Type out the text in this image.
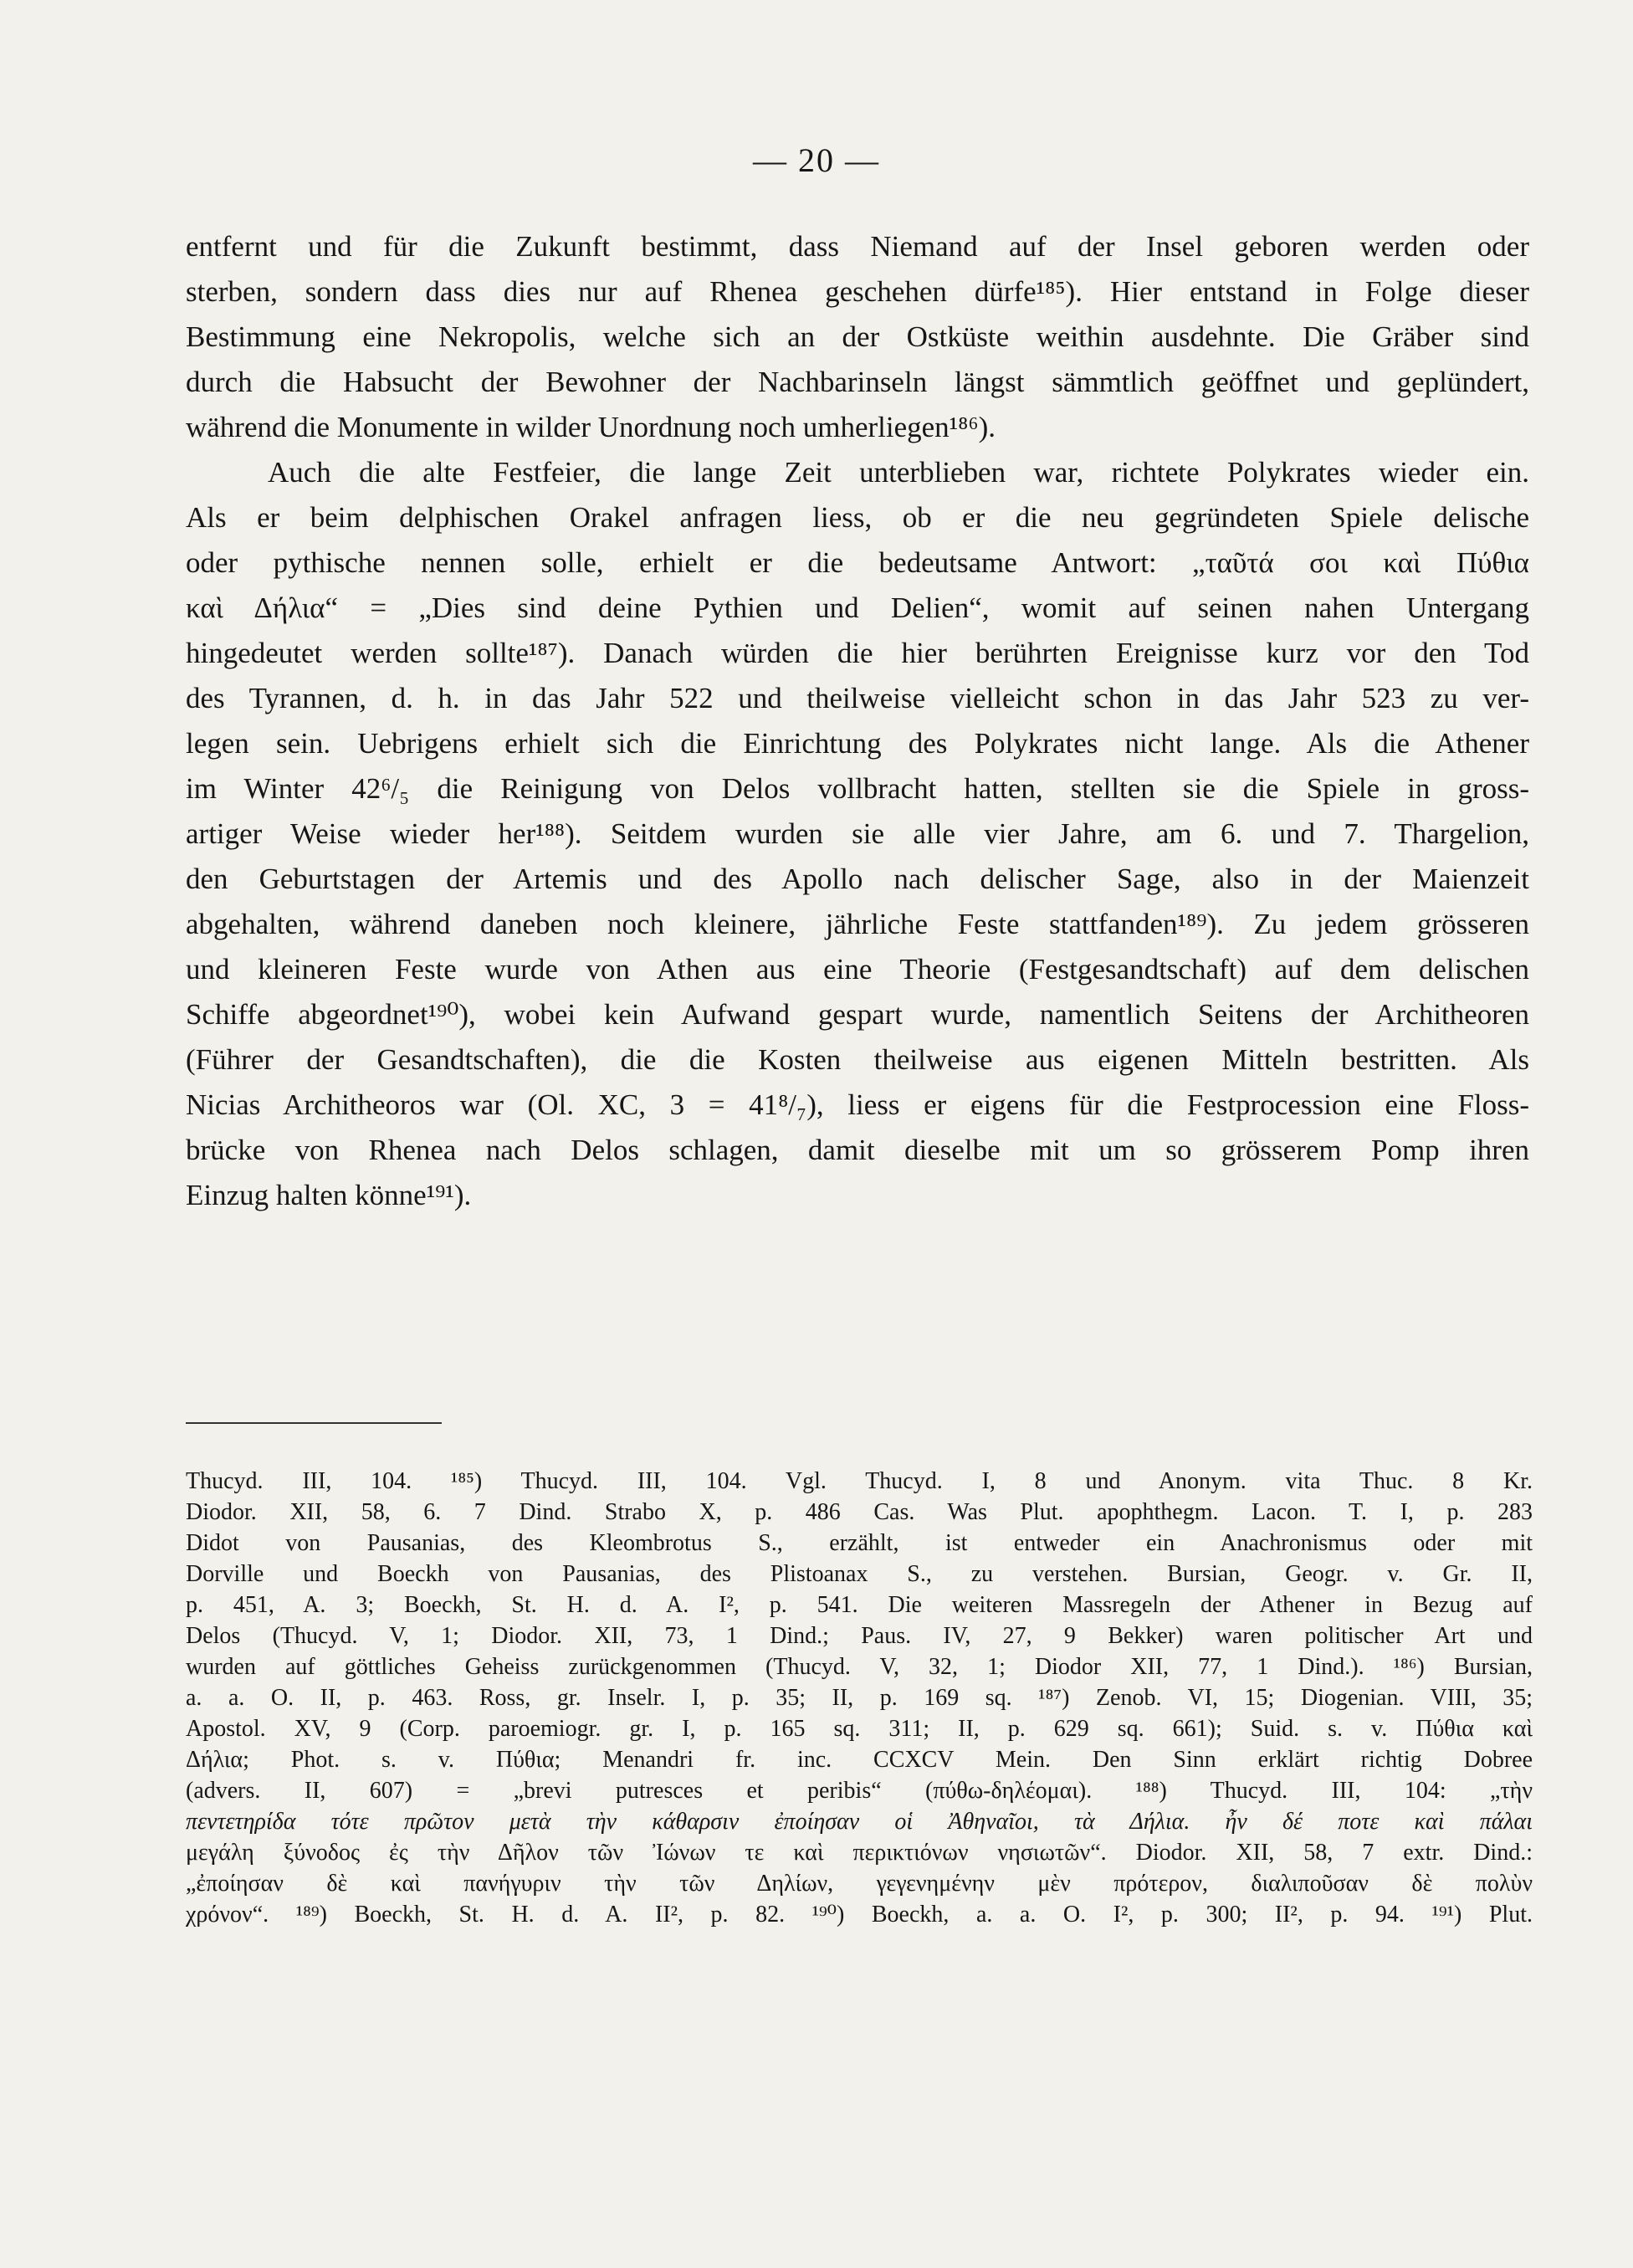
— 20 —
entfernt und für die Zukunft bestimmt, dass Niemand auf der Insel geboren werden oder
sterben, sondern dass dies nur auf Rhenea geschehen dürfe¹⁸⁵). Hier entstand in Folge dieser
Bestimmung eine Nekropolis, welche sich an der Ostküste weithin ausdehnte. Die Gräber sind
durch die Habsucht der Bewohner der Nachbarinseln längst sämmtlich geöffnet und geplündert,
während die Monumente in wilder Unordnung noch umherliegen¹⁸⁶).
Auch die alte Festfeier, die lange Zeit unterblieben war, richtete Polykrates wieder ein.
Als er beim delphischen Orakel anfragen liess, ob er die neu gegründeten Spiele delische
oder pythische nennen solle, erhielt er die bedeutsame Antwort: „ταῦτά σοι καὶ Πύθια
καὶ Δήλια“ = „Dies sind deine Pythien und Delien“, womit auf seinen nahen Untergang
hingedeutet werden sollte¹⁸⁷). Danach würden die hier berührten Ereignisse kurz vor den Tod
des Tyrannen, d. h. in das Jahr 522 und theilweise vielleicht schon in das Jahr 523 zu ver-
legen sein. Uebrigens erhielt sich die Einrichtung des Polykrates nicht lange. Als die Athener
im Winter 42⁶/₅ die Reinigung von Delos vollbracht hatten, stellten sie die Spiele in gross-
artiger Weise wieder her¹⁸⁸). Seitdem wurden sie alle vier Jahre, am 6. und 7. Thargelion,
den Geburtstagen der Artemis und des Apollo nach delischer Sage, also in der Maienzeit
abgehalten, während daneben noch kleinere, jährliche Feste stattfanden¹⁸⁹). Zu jedem grösseren
und kleineren Feste wurde von Athen aus eine Theorie (Festgesandtschaft) auf dem delischen
Schiffe abgeordnet¹⁹⁰), wobei kein Aufwand gespart wurde, namentlich Seitens der Architheoren
(Führer der Gesandtschaften), die die Kosten theilweise aus eigenen Mitteln bestritten. Als
Nicias Architheoros war (Ol. XC, 3 = 41⁸/₇), liess er eigens für die Festprocession eine Floss-
brücke von Rhenea nach Delos schlagen, damit dieselbe mit um so grösserem Pomp ihren
Einzug halten könne¹⁹¹).
Thucyd. III, 104. ¹⁸⁵) Thucyd. III, 104. Vgl. Thucyd. I, 8 und Anonym. vita Thuc. 8 Kr.
Diodor. XII, 58, 6. 7 Dind. Strabo X, p. 486 Cas. Was Plut. apophthegm. Lacon. T. I, p. 283
Didot von Pausanias, des Kleombrotus S., erzählt, ist entweder ein Anachronismus oder mit
Dorville und Boeckh von Pausanias, des Plistoanax S., zu verstehen. Bursian, Geogr. v. Gr. II,
p. 451, A. 3; Boeckh, St. H. d. A. I², p. 541. Die weiteren Massregeln der Athener in Bezug auf
Delos (Thucyd. V, 1; Diodor. XII, 73, 1 Dind.; Paus. IV, 27, 9 Bekker) waren politischer Art und
wurden auf göttliches Geheiss zurückgenommen (Thucyd. V, 32, 1; Diodor XII, 77, 1 Dind.). ¹⁸⁶) Bursian,
a. a. O. II, p. 463. Ross, gr. Inselr. I, p. 35; II, p. 169 sq. ¹⁸⁷) Zenob. VI, 15; Diogenian. VIII, 35;
Apostol. XV, 9 (Corp. paroemiogr. gr. I, p. 165 sq. 311; II, p. 629 sq. 661); Suid. s. v. Πύθια καὶ
Δήλια; Phot. s. v. Πύθια; Menandri fr. inc. CCXCV Mein. Den Sinn erklärt richtig Dobree
(advers. II, 607) = „brevi putresces et peribis“ (πύθω-δηλέομαι). ¹⁸⁸) Thucyd. III, 104: „τὴν
πεντετηρίδα τότε πρῶτον μετὰ τὴν κάθαρσιν ἐποίησαν οἱ Ἀθηναῖοι, τὰ Δήλια. ἦν δέ ποτε καὶ πάλαι
μεγάλη ξύνοδος ἐς τὴν Δῆλον τῶν Ἰώνων τε καὶ περικτιόνων νησιωτῶν“. Diodor. XII, 58, 7 extr. Dind.:
„ἐποίησαν δὲ καὶ πανήγυριν τὴν τῶν Δηλίων, γεγενημένην μὲν πρότερον, διαλιποῦσαν δὲ πολὺν
χρόνον“. ¹⁸⁹) Boeckh, St. H. d. A. II², p. 82. ¹⁹⁰) Boeckh, a. a. O. I², p. 300; II², p. 94. ¹⁹¹) Plut.
